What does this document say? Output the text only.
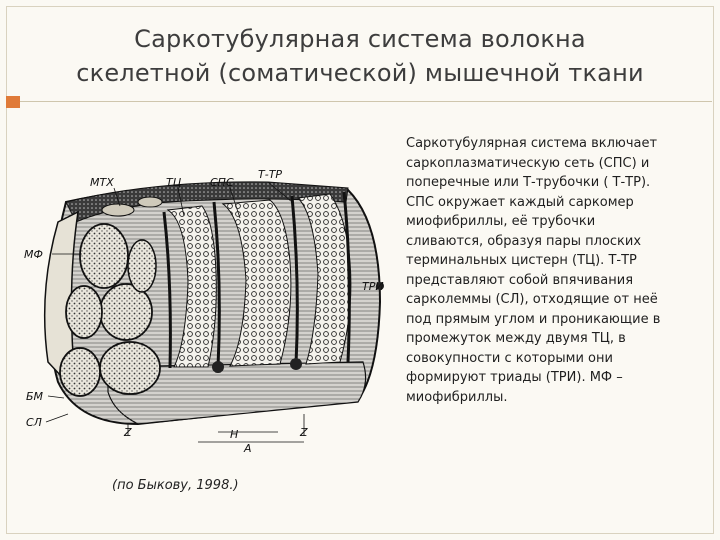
Саркотубулярная система волокна
скелетной (соматической) мышечной ткани
МТХ	ТЦ	СПС
Т-ТР
МФ
ТРИ
БМ
СЛ
Z	Н
А
Z
(по Быкову, 1998.)
Саркотубулярная система включает саркоплазматическую сеть (СПС) и поперечные или Т-трубочки ( Т-ТР). СПС окружает каждый саркомер миофибриллы, её трубочки сливаются, образуя пары плоских терминальных цистерн (ТЦ). Т-ТР представляют собой впячивания сарколеммы (СЛ), отходящие от неё под прямым углом и проникающие в промежуток между двумя ТЦ, в совокупности с которыми они формируют триады (ТРИ). МФ – миофибриллы.
